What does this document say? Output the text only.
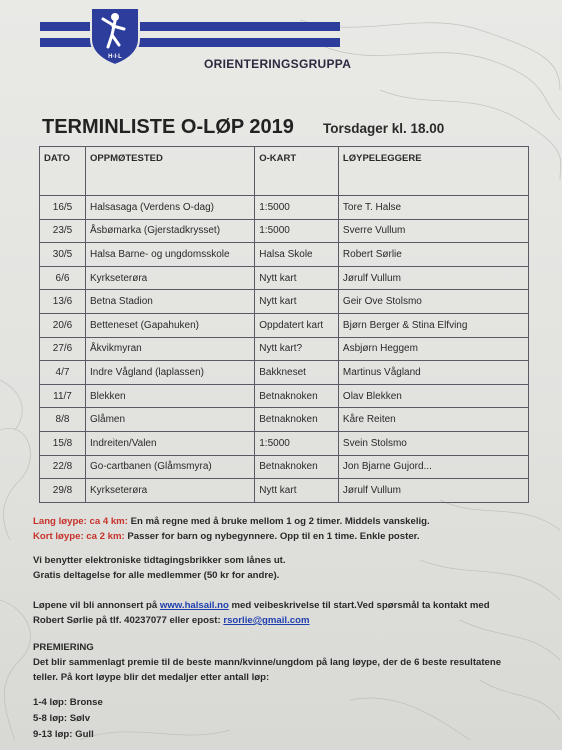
H·I·L	ORIENTERINGSGRUPPA
TERMINLISTE O-LØP 2019 Torsdager kl. 18.00
DATO	OPPMØTESTED	O-KART	LØYPELEGGERE
16/5	Halsasaga (Verdens O-dag)	1:5000	Tore T. Halse
23/5	Åsbømarka (Gjerstadkrysset)	1:5000	Sverre Vullum
30/5	Halsa Barne- og ungdomsskole	Halsa Skole	Robert Sørlie
6/6	Kyrkseterøra	Nytt kart	Jørulf Vullum
13/6	Betna Stadion	Nytt kart	Geir Ove Stolsmo
20/6	Betteneset (Gapahuken)	Oppdatert kart	Bjørn Berger & Stina Elfving
27/6	Åkvikmyran	Nytt kart?	Asbjørn Heggem
4/7	Indre Vågland (laplassen)	Bakkneset	Martinus Vågland
11/7	Blekken	Betnaknoken	Olav Blekken
8/8	Glåmen	Betnaknoken	Kåre Reiten
15/8	Indreiten/Valen	1:5000	Svein Stolsmo
22/8	Go-cartbanen (Glåmsmyra)	Betnaknoken	Jon Bjarne Gujord...
29/8	Kyrkseterøra	Nytt kart	Jørulf Vullum
Lang løype: ca 4 km: En må regne med å bruke mellom 1 og 2 timer. Middels vanskelig.
Kort løype: ca 2 km: Passer for barn og nybegynnere. Opp til en 1 time. Enkle poster.
Vi benytter elektroniske tidtagingsbrikker som lånes ut.
Gratis deltagelse for alle medlemmer (50 kr for andre).
Løpene vil bli annonsert på www.halsail.no med veibeskrivelse til start.Ved spørsmål ta kontakt med
Robert Sørlie på tlf. 40237077 eller epost: rsorlie@gmail.com
PREMIERING
Det blir sammenlagt premie til de beste mann/kvinne/ungdom på lang løype, der de 6 beste resultatene
teller. På kort løype blir det medaljer etter antall løp:
1-4 løp: Bronse
5-8 løp: Sølv
9-13 løp: Gull
